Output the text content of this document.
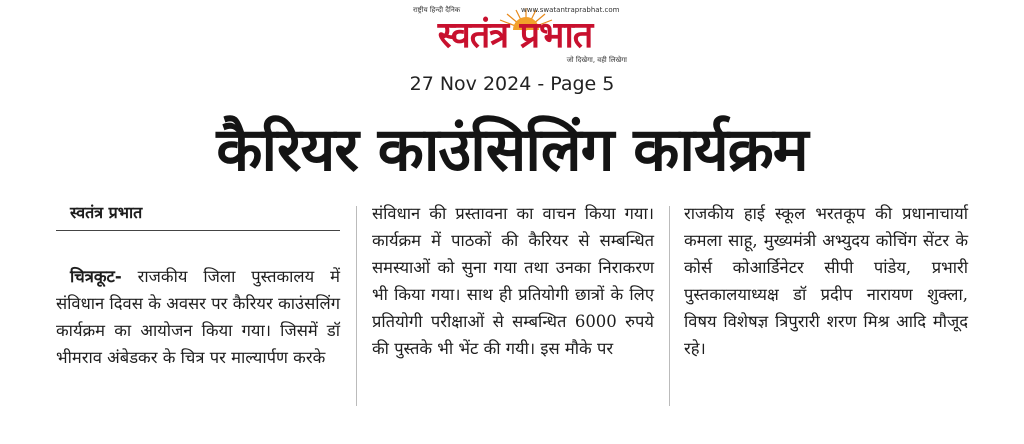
राष्ट्रीय हिन्दी दैनिक	www.swatantraprabhat.com
स्वतंत्र प्रभात
जो दिखेगा, वही लिखेगा
27 Nov 2024 - Page 5
कैरियर काउंसिलिंग कार्यक्रम
स्वतंत्र प्रभात
चित्रकूट- राजकीय जिला पुस्तकालय में संविधान दिवस के अवसर पर कैरियर काउंसलिंग कार्यक्रम का आयोजन किया गया। जिसमें डॉ भीमराव अंबेडकर के चित्र पर माल्यार्पण करके
संविधान की प्रस्तावना का वाचन किया गया। कार्यक्रम में पाठकों की कैरियर से सम्बन्धित समस्याओं को सुना गया तथा उनका निराकरण भी किया गया। साथ ही प्रतियोगी छात्रों के लिए प्रतियोगी परीक्षाओं से सम्बन्धित 6000 रुपये की पुस्तके भी भेंट की गयी। इस मौके पर
राजकीय हाई स्कूल भरतकूप की प्रधानाचार्या कमला साहू, मुख्यमंत्री अभ्युदय कोचिंग सेंटर के कोर्स कोआर्डिनेटर सीपी पांडेय, प्रभारी पुस्तकालयाध्यक्ष डॉ प्रदीप नारायण शुक्ला, विषय विशेषज्ञ त्रिपुरारी शरण मिश्र आदि मौजूद रहे।
